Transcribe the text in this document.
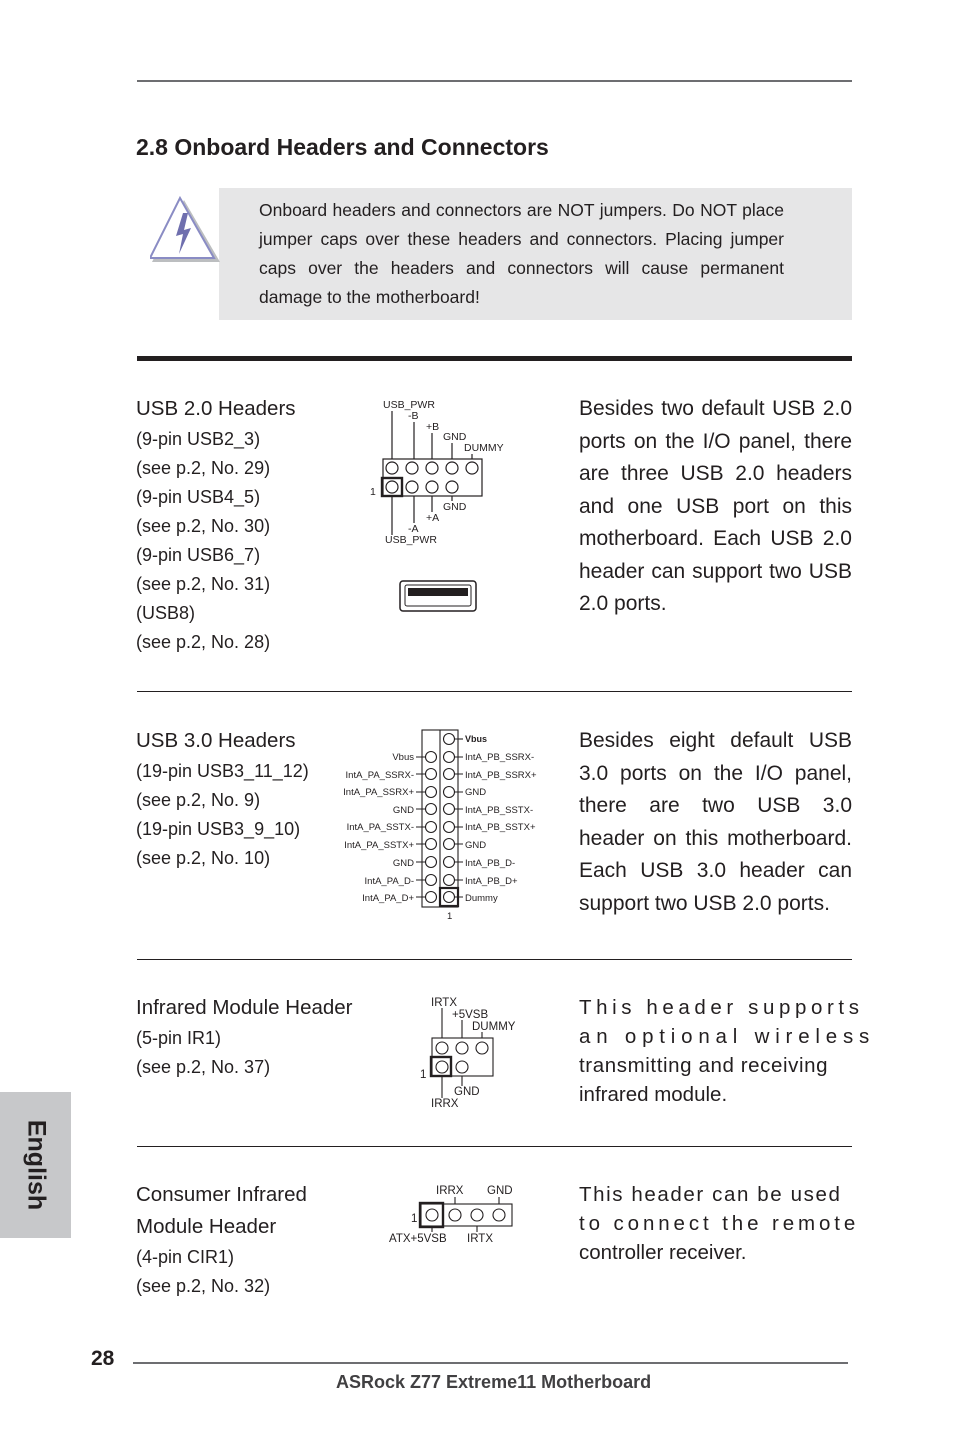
2.8 Onboard Headers and Connectors
Onboard headers and connectors are NOT jumpers. Do NOT place jumper caps over these headers and connectors. Placing jumper caps over the headers and connectors will cause permanent damage to the motherboard!
USB 2.0 Headers
(9-pin USB2_3)
(see p.2, No. 29)
(9-pin USB4_5)
(see p.2, No. 30)
(9-pin USB6_7)
(see p.2, No. 31)
(USB8)
(see p.2, No. 28)
USB_PWR
-B
+B
GND
DUMMY
1
GND
+A
-A
USB_PWR
Besides two default USB 2.0 ports on the I/O panel, there are three USB 2.0 headers and one USB port on this motherboard. Each USB 2.0 header can support two USB 2.0 ports.
USB 3.0 Headers
(19-pin USB3_11_12)
(see p.2, No. 9)
(19-pin USB3_9_10)
(see p.2, No. 10)
Vbus
Vbus
IntA_PA_SSRX-
IntA_PA_SSRX+
GND
IntA_PA_SSTX-
IntA_PA_SSTX+
GND
IntA_PA_D-
IntA_PA_D+
IntA_PB_SSRX-
IntA_PB_SSRX+
GND
IntA_PB_SSTX-
IntA_PB_SSTX+
GND
IntA_PB_D-
IntA_PB_D+
Dummy
1
Besides eight default USB 3.0 ports on the I/O panel, there are two USB 3.0 header on this motherboard. Each USB 3.0 header can support two USB 2.0 ports.
Infrared Module Header
(5-pin IR1)
(see p.2, No. 37)
IRTX
+5VSB
DUMMY
1
GND
IRRX
This header supports
an optional wireless
transmitting and receiving
infrared module.
Consumer Infrared
Module Header
(4-pin CIR1)
(see p.2, No. 32)
IRRX GND
1
ATX+5VSB IRTX
This header can be used
to connect the remote
controller receiver.
English
28
ASRock Z77 Extreme11 Motherboard
